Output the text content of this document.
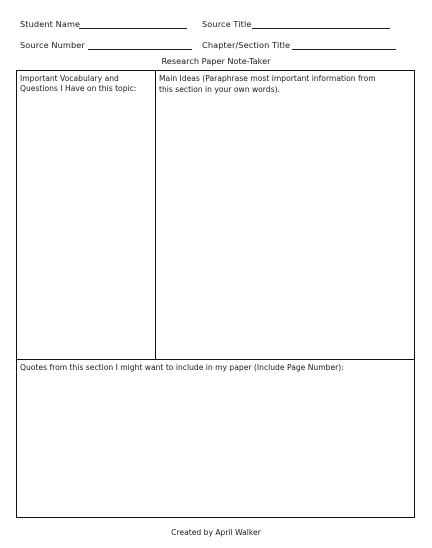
Student Name	Source Title
Source Number	Chapter/Section Title
Research Paper Note-Taker
Important Vocabulary and
Questions I Have on this topic:
Main Ideas (Paraphrase most important information from
this section in your own words).
Quotes from this section I might want to include in my paper (Include Page Number):
Created by April Walker
